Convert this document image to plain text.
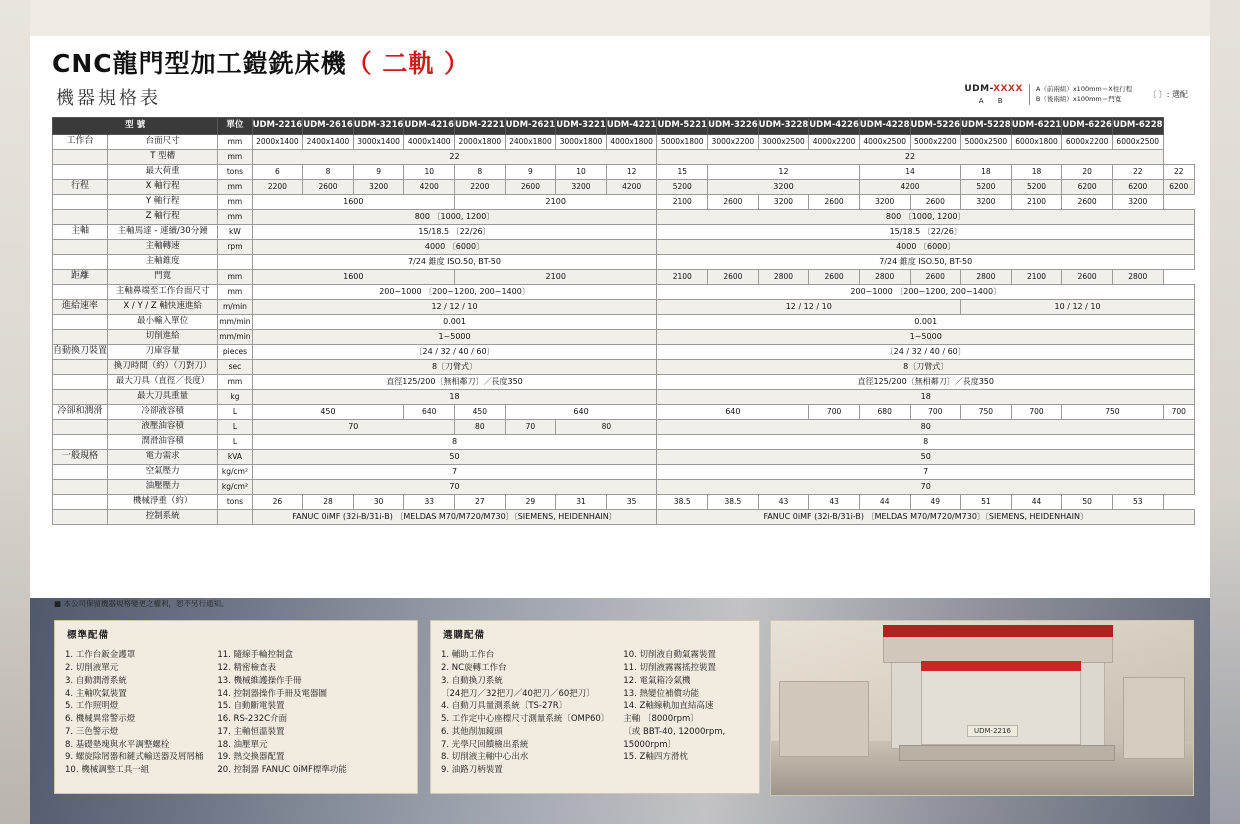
CNC龍門型加工鎧銑床機（ 二軌 ）
機器規格表	UDM-XXXX
A B
A（前兩組）x100mm＝X柱行程
B（後兩組）x100mm＝門寬	〔 〕: 選配
型 號		單位	UDM-2216	UDM-2616	UDM-3216	UDM-4216	UDM-2221	UDM-2621	UDM-3221	UDM-4221	UDM-5221	UDM-3226	UDM-3228	UDM-4226	UDM-4228	UDM-5226	UDM-5228	UDM-6221	UDM-6226	UDM-6228	
工作台	台面尺寸	mm	2000x1400	2400x1400	3000x1400	4000x1400	2000x1800	2400x1800	3000x1800	4000x1800	5000x1800	3000x2200	3000x2500	4000x2200	4000x2500	5000x2200	5000x2500	6000x1800	6000x2200	6000x2500	
	T 型槽	mm	22								22										
	最大荷重	tons	6	8	9	10	8	9	10	12	15	12			14		18	18	20	22	22
行程	X 軸行程	mm	2200	2600	3200	4200	2200	2600	3200	4200	5200	3200			4200		5200	5200	6200	6200	6200
	Y 軸行程	mm	1600				2100				2100	2600	3200	2600	3200	2600	3200	2100	2600	3200	
	Z 軸行程	mm	800 〔1000, 1200〕								800 〔1000, 1200〕										
主軸	主軸馬達 - 連續/30分鐘	kW	15/18.5 〔22/26〕								15/18.5 〔22/26〕										
	主軸轉速	rpm	4000 〔6000〕								4000 〔6000〕										
	主軸錐度		7/24 錐度 ISO.50, BT-50								7/24 錐度 ISO.50, BT-50										
距離	門寬	mm	1600				2100				2100	2600	2800	2600	2800	2600	2800	2100	2600	2800	
	主軸鼻端至工作台面尺寸	mm	200~1000 〔200~1200, 200~1400〕								200~1000 〔200~1200, 200~1400〕										
進給速率	X / Y / Z 軸快速進給	m/min	12 / 12 / 10								12 / 12 / 10						10 / 12 / 10				
	最小輸入單位	mm/min	0.001								0.001										
	切削進給	mm/min	1~5000								1~5000										
自動換刀裝置	刀庫容量	pieces	〔24 / 32 / 40 / 60〕								〔24 / 32 / 40 / 60〕										
	換刀時間（約）（刀對刀）	sec	8〔刀臂式〕								8〔刀臂式〕										
	最大刀具（直徑／長度）	mm	直徑125/200〔無相鄰刀〕／長度350								直徑125/200〔無相鄰刀〕／長度350										
	最大刀具重量	kg	18								18										
冷卻和潤滑	冷卻液容積	L	450			640	450	640			640			700	680	700	750	700	750		700
	液壓油容積	L	70				80	70	80		80										
	潤滑油容積	L	8								8										
一般規格	電力需求	kVA	50								50										
	空氣壓力	kg/cm²	7								7										
	油壓壓力	kg/cm²	70								70										
	機械淨重（約）	tons	26	28	30	33	27	29	31	35	38.5	38.5	43	43	44	49	51	44	50	53	
	控制系統		FANUC 0iMF (32i-B/31i-B) 〔MELDAS M70/M720/M730〕〔SIEMENS, HEIDENHAIN〕								FANUC 0iMF (32i-B/31i-B) 〔MELDAS M70/M720/M730〕〔SIEMENS, HEIDENHAIN〕										
■ 本公司保留機器規格變更之權利，恕不另行通知。
標準配備
1. 工作台鈑金護罩
2. 切削液單元
3. 自動潤滑系統
4. 主軸吹氣裝置
5. 工作照明燈
6. 機械異常警示燈
7. 三色警示燈
8. 基礎墊塊與水平調整螺栓
9. 螺旋除屑器和鏈式輸送器及屑屑桶
10. 機械調整工具一組
11. 隨線手輪控制盒
12. 精密檢查表
13. 機械維護操作手冊
14. 控制器操作手冊及電器圖
15. 自動斷電裝置
16. RS-232C介面
17. 主軸恒溫裝置
18. 油壓單元
19. 熱交換器配置
20. 控制器 FANUC 0iMF標準功能
選購配備
1. 輔助工作台
2. NC旋轉工作台
3. 自動換刀系統
〔24把刀／32把刀／40把刀／60把刀〕
4. 自動刀具量測系統〔TS-27R〕
5. 工作定中心座標尺寸測量系統〔OMP60〕
6. 其他削加鏡頭
7. 光學尺回饋檢出系統
8. 切削液主軸中心出水
9. 油路刀柄裝置
10. 切削液自動氣霧裝置
11. 切削液霧霧搖控裝置
12. 電氣箱冷氣機
13. 熱變位補償功能
14. Z軸線軌加直結高速
主軸 〔8000rpm〕
〔或 BBT-40, 12000rpm,
15000rpm〕
15. Z軸四方滑枕
UDM-2216
